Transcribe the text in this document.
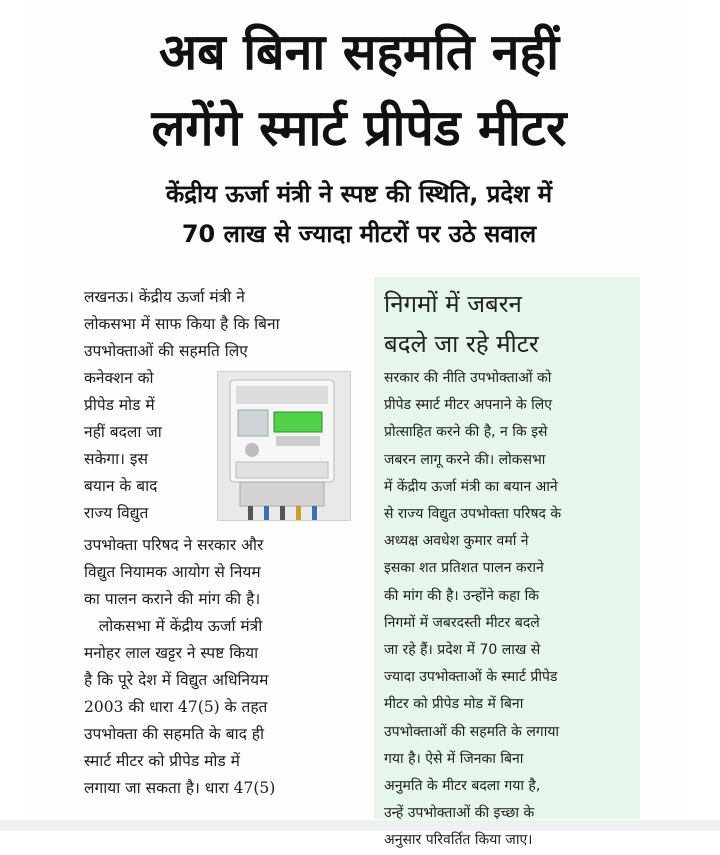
अब बिना सहमति नहीं
लगेंगे स्मार्ट प्रीपेड मीटर
केंद्रीय ऊर्जा मंत्री ने स्पष्ट की स्थिति, प्रदेश में
70 लाख से ज्यादा मीटरों पर उठे सवाल
लखनऊ। केंद्रीय ऊर्जा मंत्री ने
लोकसभा में साफ किया है कि बिना
उपभोक्ताओं की सहमति लिए
कनेक्शन को
प्रीपेड मोड में
नहीं बदला जा
सकेगा। इस
बयान के बाद
राज्य विद्युत
उपभोक्ता परिषद ने सरकार और
विद्युत नियामक आयोग से नियम
का पालन कराने की मांग की है।
लोकसभा में केंद्रीय ऊर्जा मंत्री
मनोहर लाल खट्टर ने स्पष्ट किया
है कि पूरे देश में विद्युत अधिनियम
2003 की धारा 47(5) के तहत
उपभोक्ता की सहमति के बाद ही
स्मार्ट मीटर को प्रीपेड मोड में
लगाया जा सकता है। धारा 47(5)
निगमों में जबरन
बदले जा रहे मीटर
सरकार की नीति उपभोक्ताओं को
प्रीपेड स्मार्ट मीटर अपनाने के लिए
प्रोत्साहित करने की है, न कि इसे
जबरन लागू करने की। लोकसभा
में केंद्रीय ऊर्जा मंत्री का बयान आने
से राज्य विद्युत उपभोक्ता परिषद के
अध्यक्ष अवधेश कुमार वर्मा ने
इसका शत प्रतिशत पालन कराने
की मांग की है। उन्होंने कहा कि
निगमों में जबरदस्ती मीटर बदले
जा रहे हैं। प्रदेश में 70 लाख से
ज्यादा उपभोक्ताओं के स्मार्ट प्रीपेड
मीटर को प्रीपेड मोड में बिना
उपभोक्ताओं की सहमति के लगाया
गया है। ऐसे में जिनका बिना
अनुमति के मीटर बदला गया है,
उन्हें उपभोक्ताओं की इच्छा के
अनुसार परिवर्तित किया जाए।
